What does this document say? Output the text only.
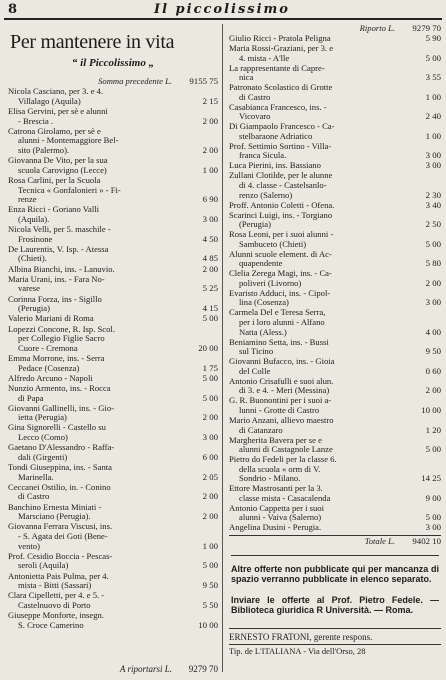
8	Il piccolissimo
Per mantenere in vita
“ il Piccolissimo „
Somma precedente L.	9155 75
Nicola Casciano, per 3. e 4.
Villalago (Aquila)	2 15
Elisa Gervini, per sè e alunni
- Brescia .	2 00
Catrona Girolamo, per sè e
alunni - Montemaggiore Bel-
sito (Palermo).	2 00
Giovanna De Vito, per la sua
scuola Carovigno (Lecce)	1 00
Rosa Carlini, per la Scuola
Tecnica « Gonfalonieri » - Fi-
renze	6 90
Enza Ricci - Goriano Valli
(Aquila).	3 00
Nicola Velli, per 5. maschile -
Frosinone	4 50
De Laurentis, V. Isp. - Atessa
(Chieti).	4 85
Albina Bianchi, ins. - Lanuvio.	2 00
Maria Urani, ins. - Fara No-
varese	5 25
Corinna Forza, ins - Sigillo
(Perugia)	4 15
Valerio Mariani di Roma	5 00
Lopezzi Concone, R. Isp. Scol.
per Collegio Figlie Sacro
Cuore - Cremona	20 00
Emma Morrone, ins. - Serra
Pedace (Cosenza)	1 75
Alfredo Arcuno - Napoli	5 00
Nunzio Armento, ins. - Rocca
di Papa	5 00
Giovanni Gallinelli, ins. - Gio-
ietta (Perugia)	2 00
Gina Signorelli - Castello su
Lecco (Como)	3 00
Gaetano D'Alessandro - Raffa-
dali (Girgenti)	6 00
Tondi Giuseppina, ins. - Santa
Marinella.	2 05
Ceccanei Ostilio, in. - Conino
di Castro	2 00
Banchino Ernesta Miniati -
Marsciano (Perugia).	2 00
Giovanna Ferrara Viscusi, ins.
- S. Agata dei Goti (Bene-
vento)	1 00
Prof. Cesidio Boccia - Pescas-
seroli (Aquila)	5 00
Antonietta Pais Pulma, per 4.
mista - Bitti (Sassari)	9 50
Clara Cipelletti, per 4. e 5. -
Castelnuovo di Porto	5 50
Giuseppe Monforte, insegn.
S. Croce Camerino	10 00
A riportarsi L.	9279 70
Riporto L.	9279 70
Giulio Ricci - Pratola Peligna	5 90
Maria Rossi-Graziani, per 3. e
4. mista - A'lle	5 00
La rappresentante di Capre-
nica	3 55
Patronato Scolastico di Grotte
di Castro	1 00
Casabianca Francesco, ins. -
Vicovaro	2 40
Di Giampaolo Francesco - Ca-
stelbaraone Adriatico	1 00
Prof. Settimio Sortino - Villa-
franca Sicula.	3 00
Luca Pierini, ins. Bassiano	3 00
Zullani Clotilde, per le alunne
di 4. classe - Castelsanlo-
renzo (Salerno)	2 30
Proff. Antonio Coletti - Ofena.	3 40
Scarinci Luigi, ins. - Torgiano
(Perugia)	2 50
Rosa Leoni, per i suoi alunni -
Sambuceto (Chieti)	5 00
Alunni scuole element. di Ac-
quapendente	5 80
Clelia Zerega Magi, ins. - Ca-
poliveri (Livorno)	2 00
Evaristo Adduci, ins. - Cipol-
lina (Cosenza)	3 00
Carmela Del e Teresa Serra,
per i loro alunni - Alfano
Natta (Aless.)	4 00
Beniamino Setta, ins. - Bussi
sul Ticino	9 50
Giovanni Bufacco, ins. - Gioia
del Colle	0 60
Antonio Crisafulli e suoi alun.
di 3. e 4. - Meri (Messina)	2 00
G. R. Buonontini per i suoi a-
lunni - Grotte di Castro	10 00
Mario Anzani, allievo maestro
di Catanzaro	1 20
Margherita Bavera per se e
alunni di Castagnole Lanze	5 00
Pietro do Fedeli per la classe 6.
della scuola « orm di V.
Sondrio - Milano.	14 25
Ettore Mastrosanti per la 3.
classe mista - Casacalenda	9 00
Antonio Cappetta per i suoi
alunni - Vaiva (Salerno)	5 00
Angelina Dusini - Perugia.	3 00
Totale L.	9402 10
Altre offerte non pubblicate qui per mancanza di spazio verranno pubblicate in elenco separato.
Inviare le offerte al Prof. Pietro Fedele. — Biblioteca giuridica R Università. — Roma.
ERNESTO FRATONI, gerente respons.
Tip. de L'ITALIANA - Via dell'Orso, 28
